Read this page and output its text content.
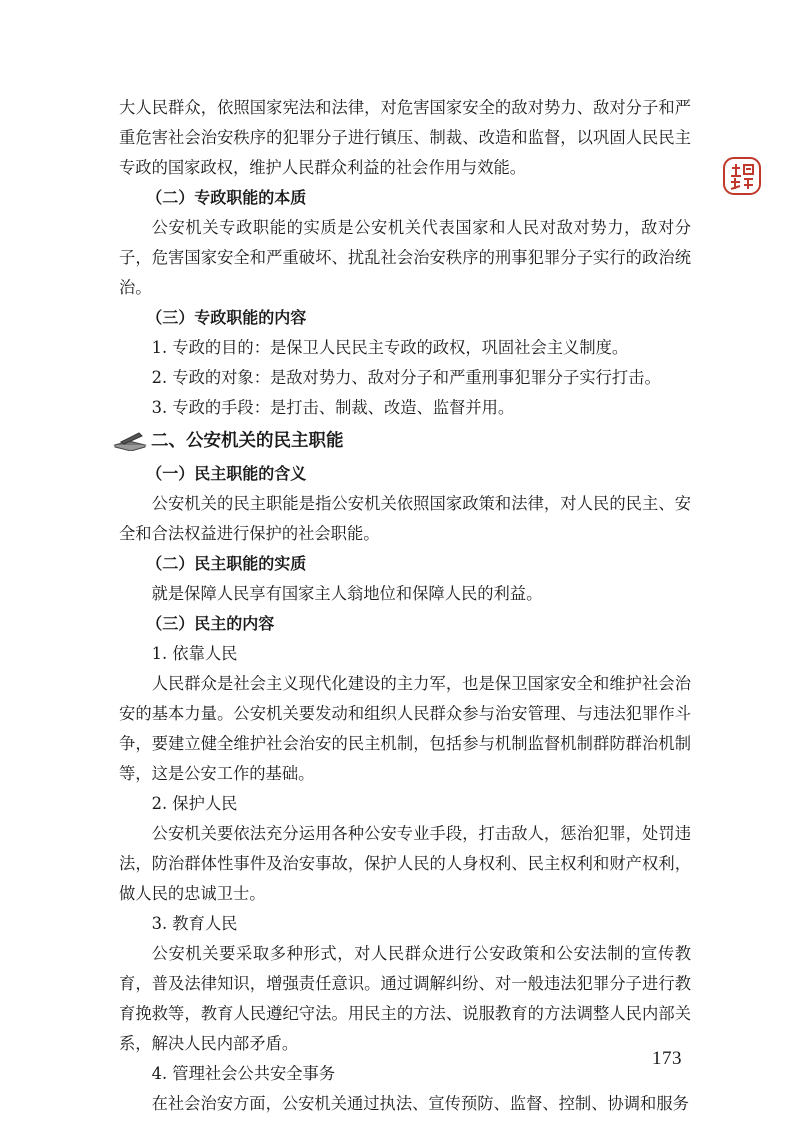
大人民群众，依照国家宪法和法律，对危害国家安全的敌对势力、敌对分子和严重危害社会治安秩序的犯罪分子进行镇压、制裁、改造和监督，以巩固人民民主专政的国家政权，维护人民群众利益的社会作用与效能。

（二）专政职能的本质

公安机关专政职能的实质是公安机关代表国家和人民对敌对势力，敌对分子，危害国家安全和严重破坏、扰乱社会治安秩序的刑事犯罪分子实行的政治统治。

（三）专政职能的内容

1. 专政的目的：是保卫人民民主专政的政权，巩固社会主义制度。

2. 专政的对象：是敌对势力、敌对分子和严重刑事犯罪分子实行打击。

3. 专政的手段：是打击、制裁、改造、监督并用。

二、公安机关的民主职能

（一）民主职能的含义

公安机关的民主职能是指公安机关依照国家政策和法律，对人民的民主、安全和合法权益进行保护的社会职能。

（二）民主职能的实质

就是保障人民享有国家主人翁地位和保障人民的利益。

（三）民主的内容

1. 依靠人民

人民群众是社会主义现代化建设的主力军，也是保卫国家安全和维护社会治安的基本力量。公安机关要发动和组织人民群众参与治安管理、与违法犯罪作斗争，要建立健全维护社会治安的民主机制，包括参与机制监督机制群防群治机制等，这是公安工作的基础。

2. 保护人民

公安机关要依法充分运用各种公安专业手段，打击敌人，惩治犯罪，处罚违法，防治群体性事件及治安事故，保护人民的人身权利、民主权利和财产权利，做人民的忠诚卫士。

3. 教育人民

公安机关要采取多种形式，对人民群众进行公安政策和公安法制的宣传教育，普及法律知识，增强责任意识。通过调解纠纷、对一般违法犯罪分子进行教育挽救等，教育人民遵纪守法。用民主的方法、说服教育的方法调整人民内部关系，解决人民内部矛盾。

4. 管理社会公共安全事务

在社会治安方面，公安机关通过执法、宣传预防、监督、控制、协调和服务

173
